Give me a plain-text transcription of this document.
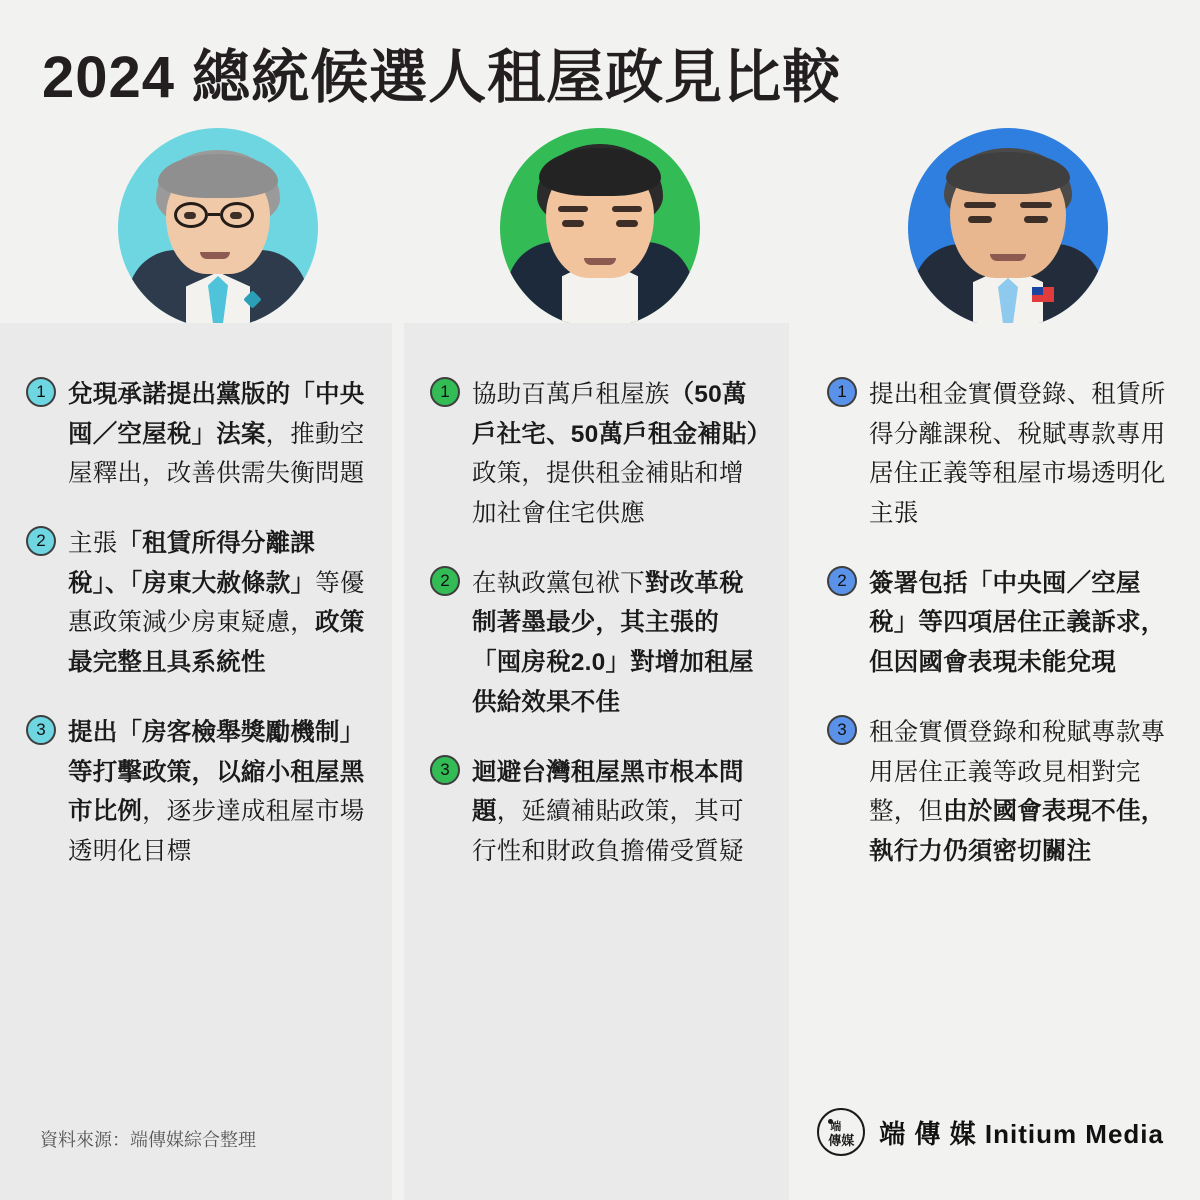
2024 總統候選人租屋政見比較
1 兌現承諾提出黨版的「中央囤／空屋稅」法案，推動空屋釋出，改善供需失衡問題
2 主張「租賃所得分離課稅」、「房東大赦條款」等優惠政策減少房東疑慮，政策最完整且具系統性
3 提出「房客檢舉獎勵機制」等打擊政策，以縮小租屋黑市比例，逐步達成租屋市場透明化目標
1 協助百萬戶租屋族（50萬戶社宅、50萬戶租金補貼）政策，提供租金補貼和增加社會住宅供應
2 在執政黨包袱下對改革稅制著墨最少，其主張的「囤房稅2.0」對增加租屋供給效果不佳
3 迴避台灣租屋黑市根本問題，延續補貼政策，其可行性和財政負擔備受質疑
1 提出租金實價登錄、租賃所得分離課稅、稅賦專款專用居住正義等租屋市場透明化主張
2 簽署包括「中央囤／空屋稅」等四項居住正義訴求，但因國會表現未能兌現
3 租金實價登錄和稅賦專款專用居住正義等政見相對完整，但由於國會表現不佳，執行力仍須密切關注
資料來源：端傳媒綜合整理
端
傳媒 端 傳 媒 Initium Media
